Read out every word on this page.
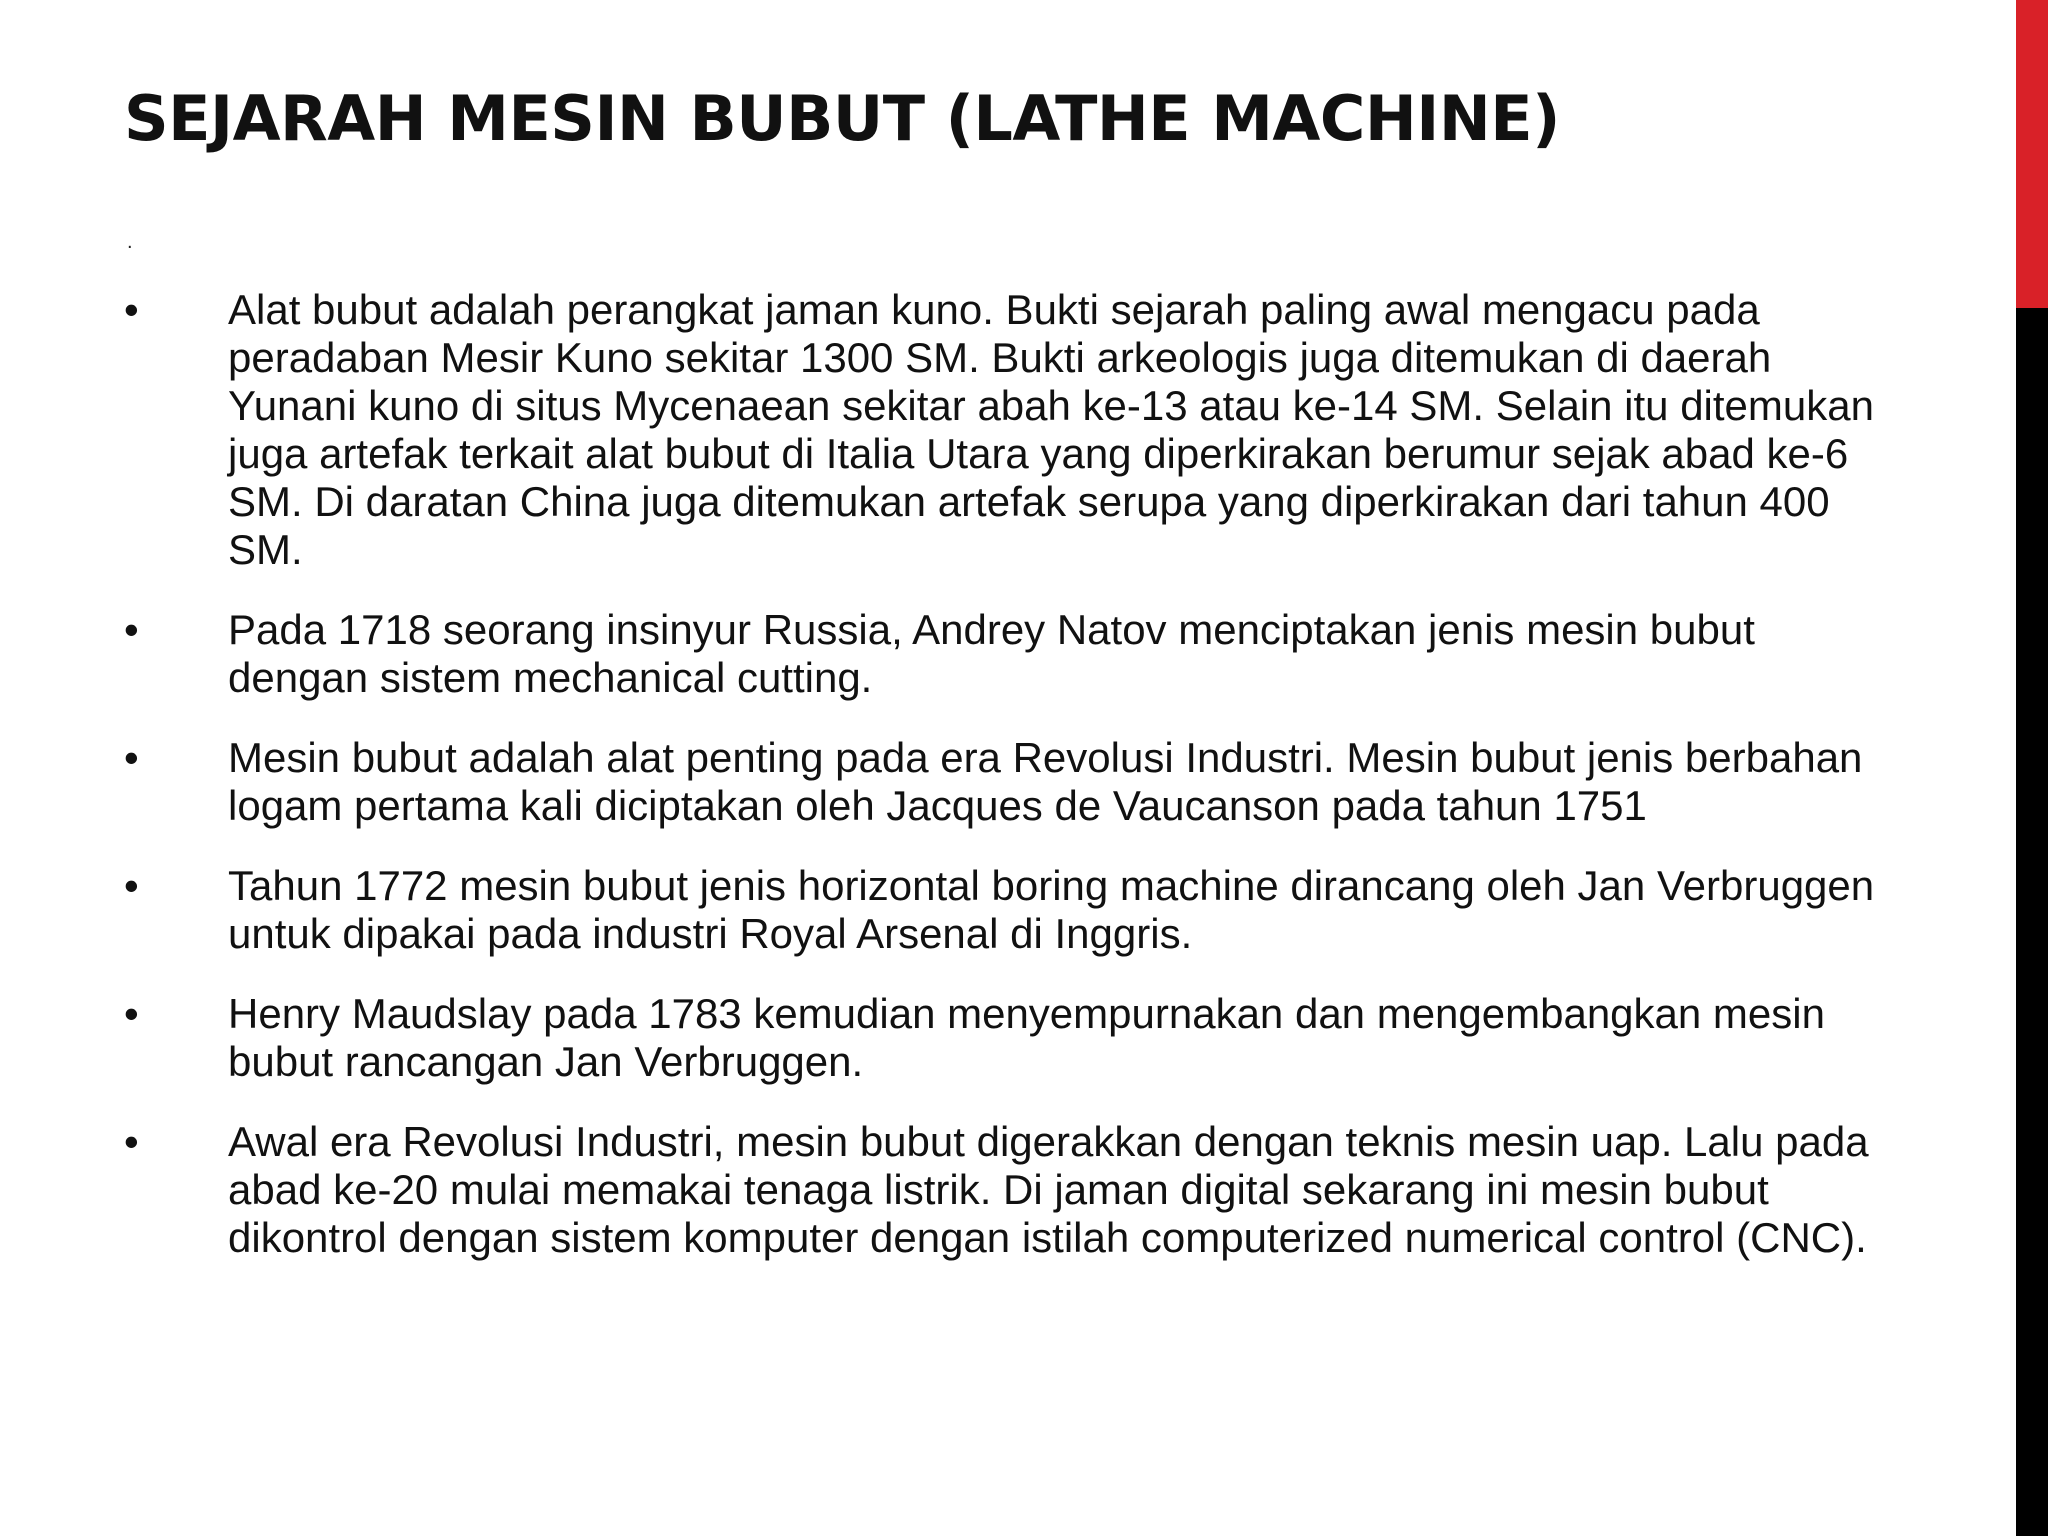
SEJARAH MESIN BUBUT (LATHE MACHINE)
.
•	Alat bubut adalah perangkat jaman kuno. Bukti sejarah paling awal mengacu pada peradaban Mesir Kuno sekitar 1300 SM. Bukti arkeologis juga ditemukan di daerah Yunani kuno di situs Mycenaean sekitar abah ke-13 atau ke-14 SM. Selain itu ditemukan juga artefak terkait alat bubut di Italia Utara yang diperkirakan berumur sejak abad ke-6 SM. Di daratan China juga ditemukan artefak serupa yang diperkirakan dari tahun 400 SM.
•	Pada 1718 seorang insinyur Russia, Andrey Natov menciptakan jenis mesin bubut dengan sistem mechanical cutting.
•	Mesin bubut adalah alat penting pada era Revolusi Industri. Mesin bubut jenis berbahan logam pertama kali diciptakan oleh Jacques de Vaucanson pada tahun 1751
•	Tahun 1772 mesin bubut jenis horizontal boring machine dirancang oleh Jan Verbruggen untuk dipakai pada industri Royal Arsenal di Inggris.
•	Henry Maudslay pada 1783 kemudian menyempurnakan dan mengembangkan mesin bubut rancangan Jan Verbruggen.
•	Awal era Revolusi Industri, mesin bubut digerakkan dengan teknis mesin uap. Lalu pada abad ke-20 mulai memakai tenaga listrik. Di jaman digital sekarang ini mesin bubut dikontrol dengan sistem komputer dengan istilah computerized numerical control (CNC).
